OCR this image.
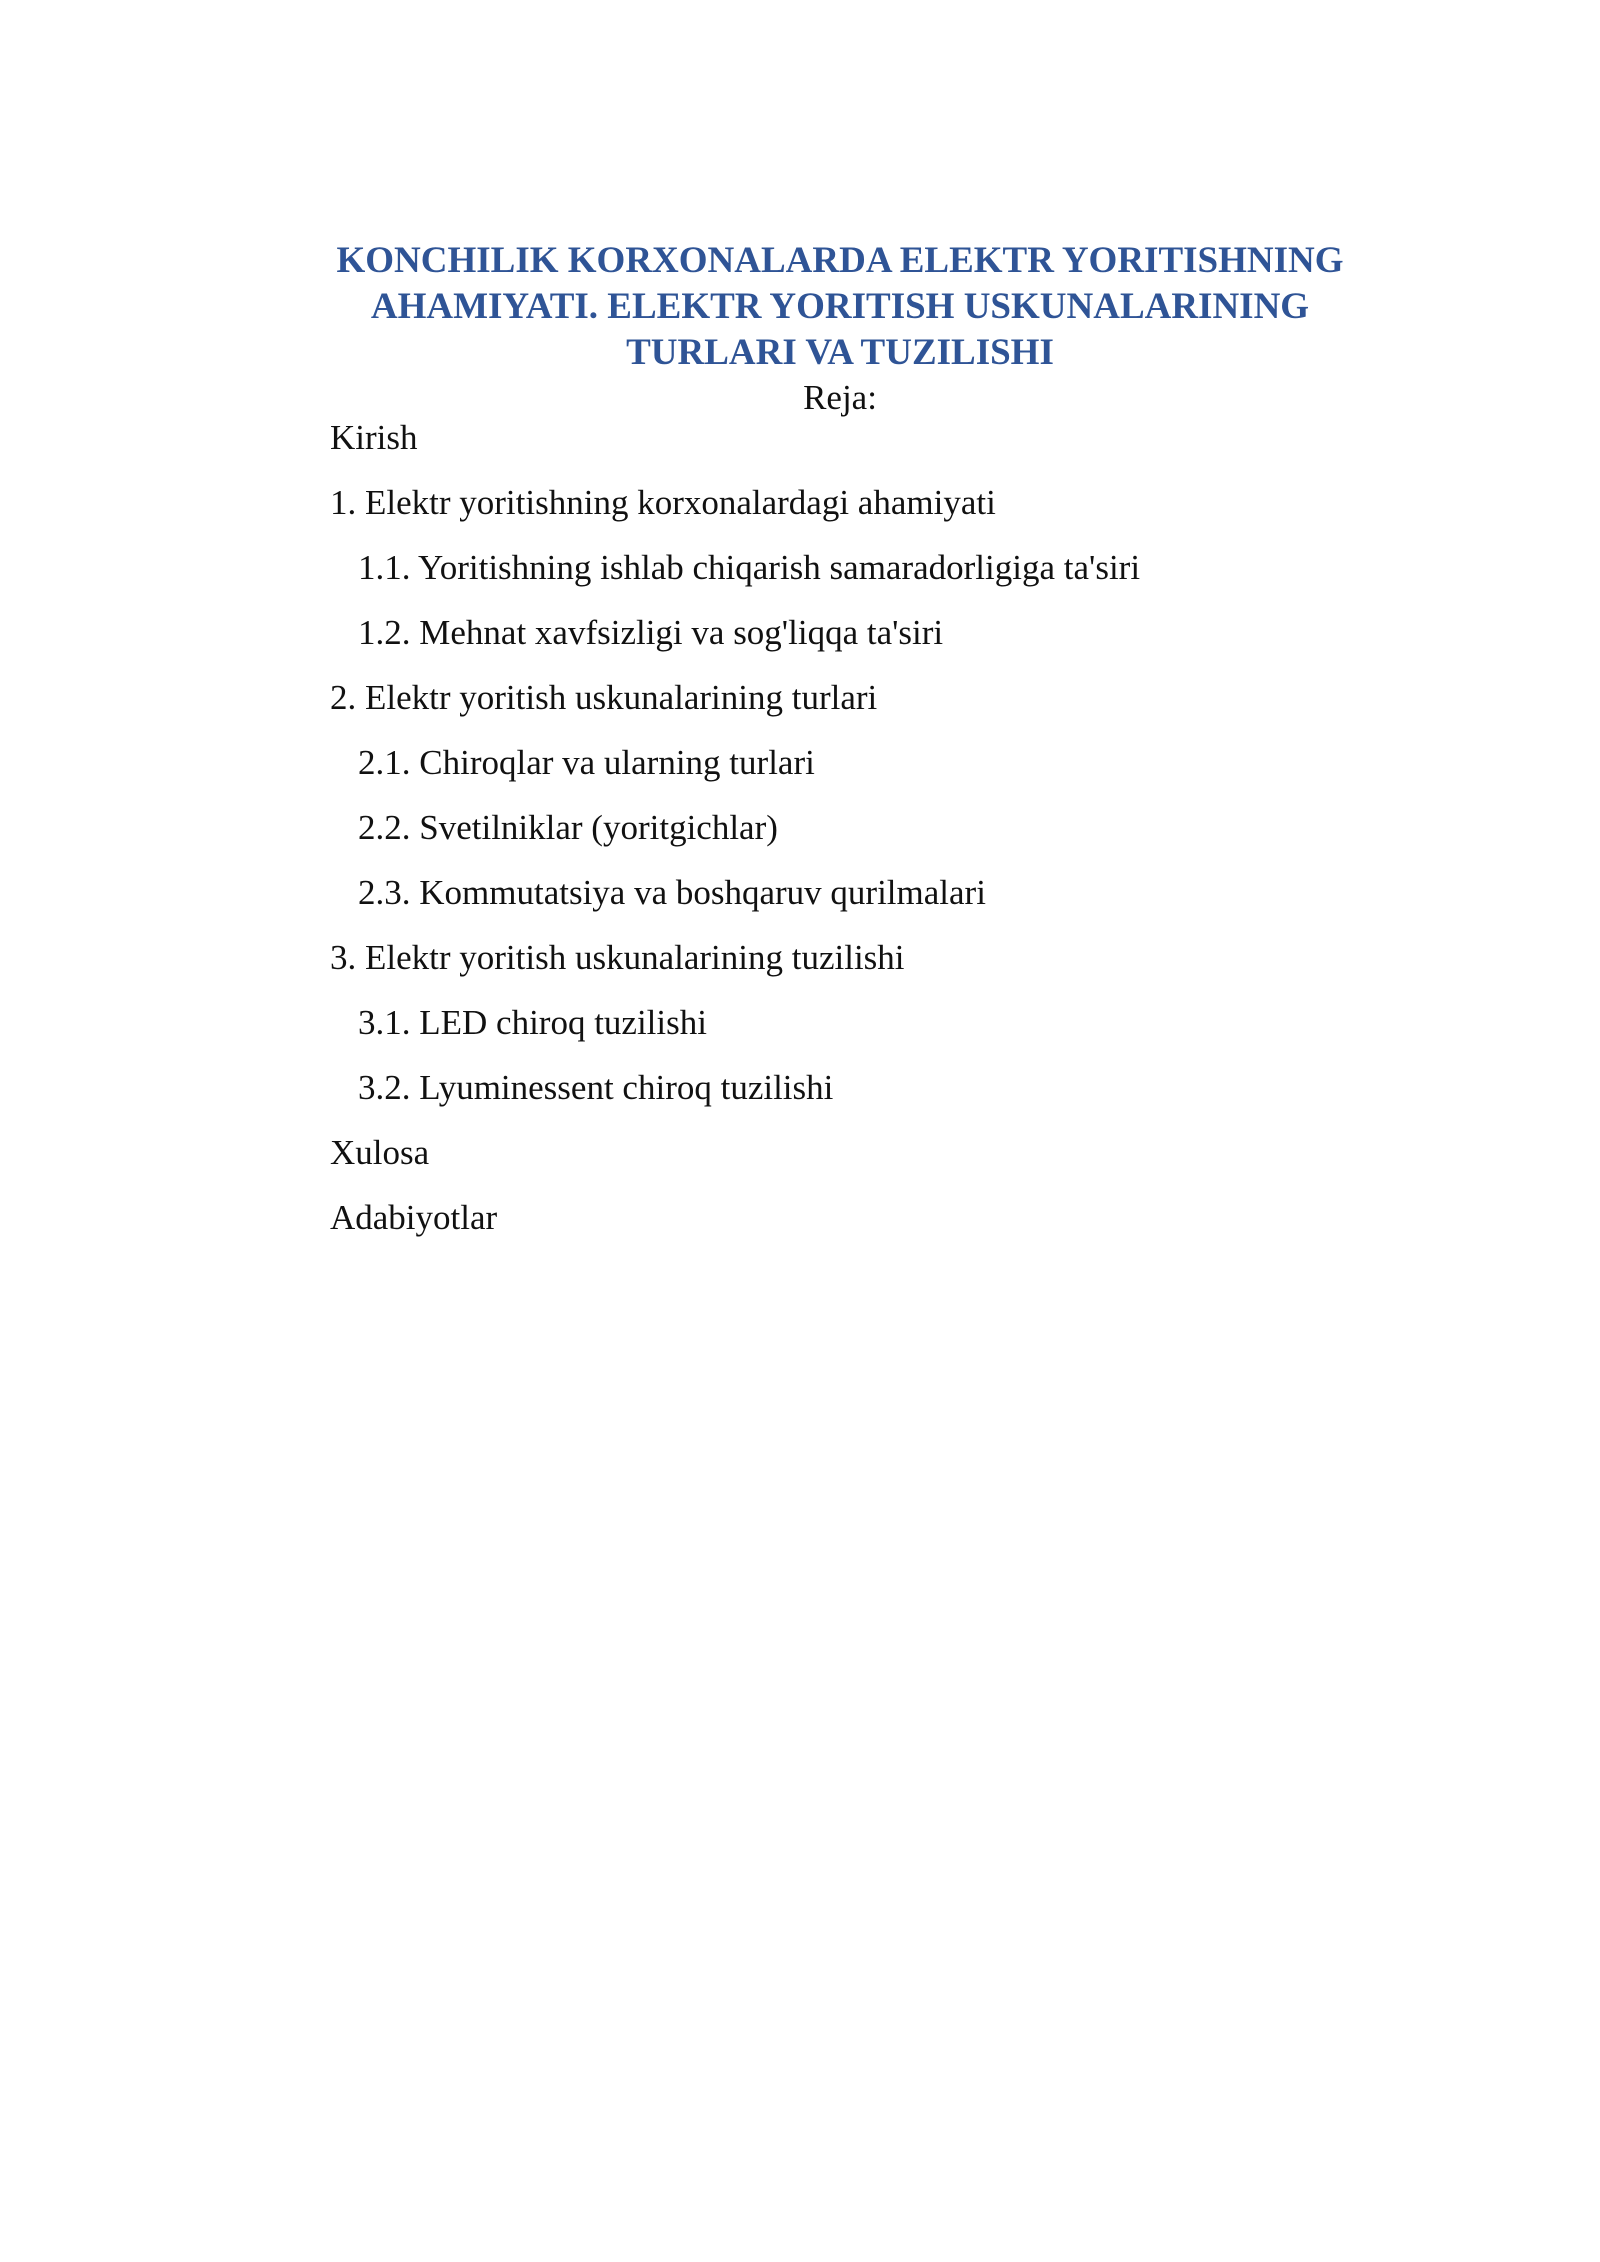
KONCHILIK KORXONALARDA ELEKTR YORITISHNING
AHAMIYATI. ELEKTR YORITISH USKUNALARINING
TURLARI VA TUZILISHI
Reja:
Kirish
1. Elektr yoritishning korxonalardagi ahamiyati
1.1. Yoritishning ishlab chiqarish samaradorligiga ta'siri
1.2. Mehnat xavfsizligi va sog'liqqa ta'siri
2. Elektr yoritish uskunalarining turlari
2.1. Chiroqlar va ularning turlari
2.2. Svetilniklar (yoritgichlar)
2.3. Kommutatsiya va boshqaruv qurilmalari
3. Elektr yoritish uskunalarining tuzilishi
3.1. LED chiroq tuzilishi
3.2. Lyuminessent chiroq tuzilishi
Xulosa
Adabiyotlar
